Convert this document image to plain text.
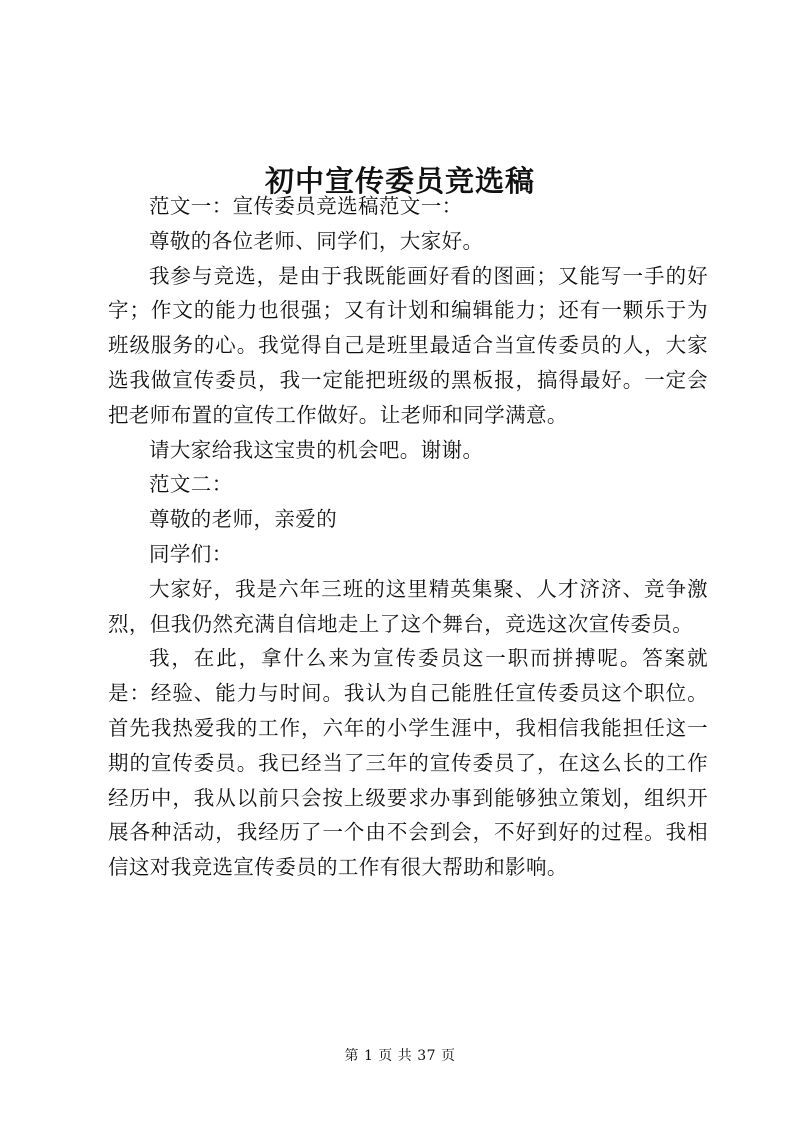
初中宣传委员竞选稿

范文一：宣传委员竞选稿范文一：

尊敬的各位老师、同学们，大家好。

我参与竞选，是由于我既能画好看的图画；又能写一手的好字；作文的能力也很强；又有计划和编辑能力；还有一颗乐于为班级服务的心。我觉得自己是班里最适合当宣传委员的人，大家选我做宣传委员，我一定能把班级的黑板报，搞得最好。一定会把老师布置的宣传工作做好。让老师和同学满意。

请大家给我这宝贵的机会吧。谢谢。

范文二：

尊敬的老师，亲爱的

同学们：

大家好，我是六年三班的这里精英集聚、人才济济、竞争激烈，但我仍然充满自信地走上了这个舞台，竞选这次宣传委员。

我，在此，拿什么来为宣传委员这一职而拼搏呢。答案就是：经验、能力与时间。我认为自己能胜任宣传委员这个职位。首先我热爱我的工作，六年的小学生涯中，我相信我能担任这一期的宣传委员。我已经当了三年的宣传委员了，在这么长的工作经历中，我从以前只会按上级要求办事到能够独立策划，组织开展各种活动，我经历了一个由不会到会，不好到好的过程。我相信这对我竞选宣传委员的工作有很大帮助和影响。

第 1 页 共 37 页
